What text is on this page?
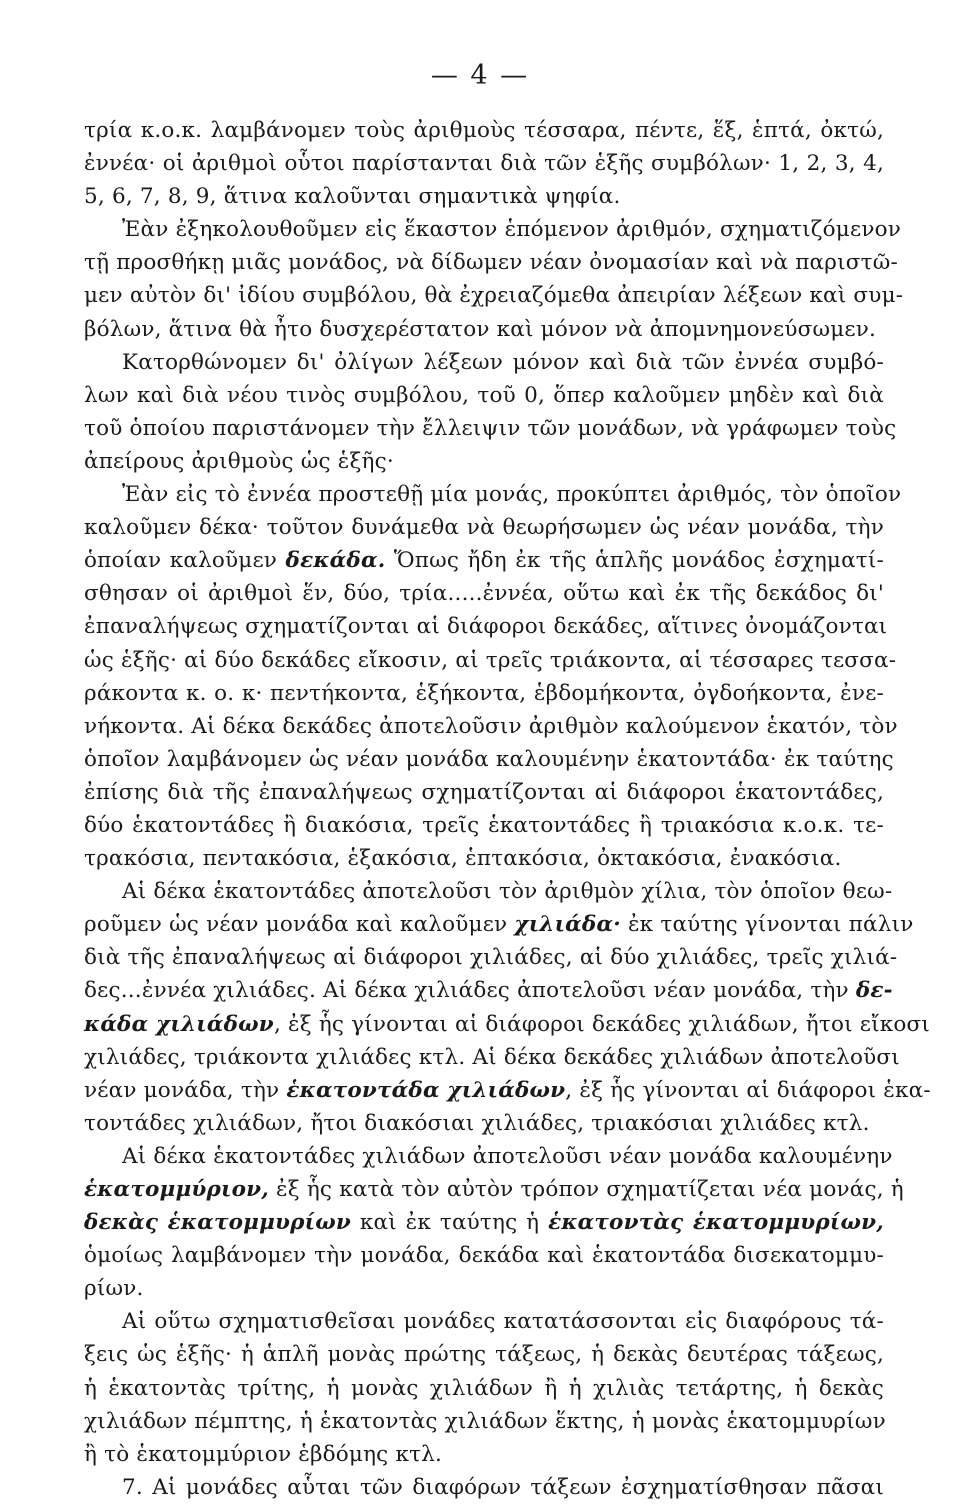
— 4 —
τρία κ.ο.κ. λαμβάνομεν τοὺς ἀριθμοὺς τέσσαρα, πέντε, ἕξ, ἑπτά, ὀκτώ,
ἐννέα· οἱ ἀριθμοὶ οὗτοι παρίστανται διὰ τῶν ἑξῆς συμβόλων· 1, 2, 3, 4,
5, 6, 7, 8, 9, ἅτινα καλοῦνται σημαντικὰ ψηφία.
Ἐὰν ἐξηκολουθοῦμεν εἰς ἕκαστον ἑπόμενον ἀριθμόν, σχηματιζόμενον
τῇ προσθήκῃ μιᾶς μονάδος, νὰ δίδωμεν νέαν ὀνομασίαν καὶ νὰ παριστῶ-
μεν αὐτὸν δι' ἰδίου συμβόλου, θὰ ἐχρειαζόμεθα ἀπειρίαν λέξεων καὶ συμ-
βόλων, ἅτινα θὰ ἦτο δυσχερέστατον καὶ μόνον νὰ ἀπομνημονεύσωμεν.
Κατορθώνομεν δι' ὀλίγων λέξεων μόνον καὶ διὰ τῶν ἐννέα συμβό-
λων καὶ διὰ νέου τινὸς συμβόλου, τοῦ 0, ὅπερ καλοῦμεν μηδὲν καὶ διὰ
τοῦ ὁποίου παριστάνομεν τὴν ἔλλειψιν τῶν μονάδων, νὰ γράφωμεν τοὺς
ἀπείρους ἀριθμοὺς ὡς ἑξῆς·
Ἐὰν εἰς τὸ ἐννέα προστεθῇ μία μονάς, προκύπτει ἀριθμός, τὸν ὁποῖον
καλοῦμεν δέκα· τοῦτον δυνάμεθα νὰ θεωρήσωμεν ὡς νέαν μονάδα, τὴν
ὁποίαν καλοῦμεν δεκάδα. Ὅπως ἤδη ἐκ τῆς ἁπλῆς μονάδος ἐσχηματί-
σθησαν οἱ ἀριθμοὶ ἕν, δύο, τρία.....ἐννέα, οὕτω καὶ ἐκ τῆς δεκάδος δι'
ἐπαναλήψεως σχηματίζονται αἱ διάφοροι δεκάδες, αἵτινες ὀνομάζονται
ὡς ἑξῆς· αἱ δύο δεκάδες εἴκοσιν, αἱ τρεῖς τριάκοντα, αἱ τέσσαρες τεσσα-
ράκοντα κ. ο. κ· πεντήκοντα, ἑξήκοντα, ἑβδομήκοντα, ὀγδοήκοντα, ἐνε-
νήκοντα. Αἱ δέκα δεκάδες ἀποτελοῦσιν ἀριθμὸν καλούμενον ἑκατόν, τὸν
ὁποῖον λαμβάνομεν ὡς νέαν μονάδα καλουμένην ἑκατοντάδα· ἐκ ταύτης
ἐπίσης διὰ τῆς ἐπαναλήψεως σχηματίζονται αἱ διάφοροι ἑκατοντάδες,
δύο ἑκατοντάδες ἢ διακόσια, τρεῖς ἑκατοντάδες ἢ τριακόσια κ.ο.κ. τε-
τρακόσια, πεντακόσια, ἑξακόσια, ἑπτακόσια, ὀκτακόσια, ἐνακόσια.
Αἱ δέκα ἑκατοντάδες ἀποτελοῦσι τὸν ἀριθμὸν χίλια, τὸν ὁποῖον θεω-
ροῦμεν ὡς νέαν μονάδα καὶ καλοῦμεν χιλιάδα· ἐκ ταύτης γίνονται πάλιν
διὰ τῆς ἐπαναλήψεως αἱ διάφοροι χιλιάδες, αἱ δύο χιλιάδες, τρεῖς χιλιά-
δες...ἐννέα χιλιάδες. Αἱ δέκα χιλιάδες ἀποτελοῦσι νέαν μονάδα, τὴν δε-
κάδα χιλιάδων, ἐξ ἧς γίνονται αἱ διάφοροι δεκάδες χιλιάδων, ἤτοι εἴκοσι
χιλιάδες, τριάκοντα χιλιάδες κτλ. Αἱ δέκα δεκάδες χιλιάδων ἀποτελοῦσι
νέαν μονάδα, τὴν ἑκατοντάδα χιλιάδων, ἐξ ἧς γίνονται αἱ διάφοροι ἑκα-
τοντάδες χιλιάδων, ἤτοι διακόσιαι χιλιάδες, τριακόσιαι χιλιάδες κτλ.
Αἱ δέκα ἑκατοντάδες χιλιάδων ἀποτελοῦσι νέαν μονάδα καλουμένην
ἑκατομμύριον, ἐξ ἧς κατὰ τὸν αὐτὸν τρόπον σχηματίζεται νέα μονάς, ἡ
δεκὰς ἑκατομμυρίων καὶ ἐκ ταύτης ἡ ἑκατοντὰς ἑκατομμυρίων,
ὁμοίως λαμβάνομεν τὴν μονάδα, δεκάδα καὶ ἑκατοντάδα δισεκατομμυ-
ρίων.
Αἱ οὕτω σχηματισθεῖσαι μονάδες κατατάσσονται εἰς διαφόρους τά-
ξεις ὡς ἑξῆς· ἡ ἁπλῆ μονὰς πρώτης τάξεως, ἡ δεκὰς δευτέρας τάξεως,
ἡ ἑκατοντὰς τρίτης, ἡ μονὰς χιλιάδων ἢ ἡ χιλιὰς τετάρτης, ἡ δεκὰς
χιλιάδων πέμπτης, ἡ ἑκατοντὰς χιλιάδων ἕκτης, ἡ μονὰς ἑκατομμυρίων
ἢ τὸ ἑκατομμύριον ἑβδόμης κτλ.
7. Αἱ μονάδες αὗται τῶν διαφόρων τάξεων ἐσχηματίσθησαν πᾶσαι
